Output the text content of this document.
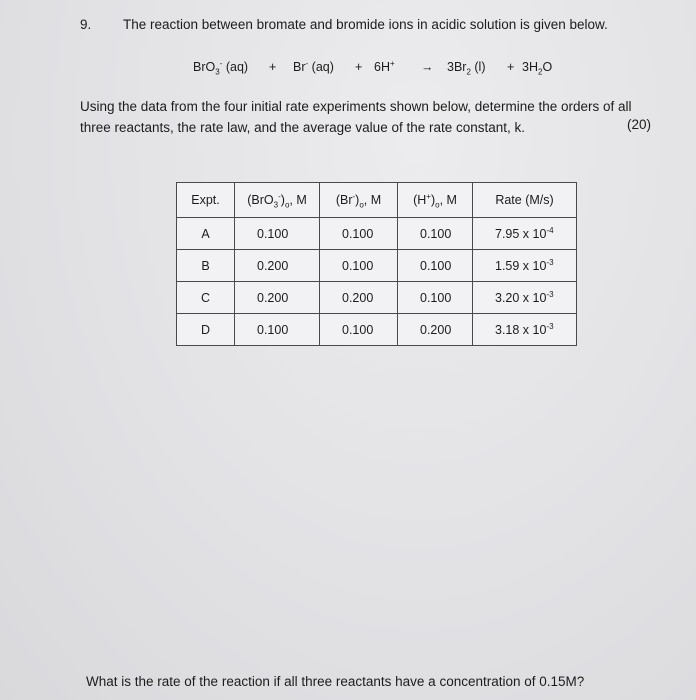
9. The reaction between bromate and bromide ions in acidic solution is given below.
BrO$_3$- (aq) + Br- $(aq) + 6H^+ \to 3Br_2$ $(l) + 3H_2O$
Using the data from the four initial rate experiments shown below, determine the orders of all
three reactants, the rate law, and the average value of the rate constant, k.	(20)
Expt.	$(BrO_3^-)_o$, M	$(Br^-)_o$, M	$(H^+)_o$, M	Rate (M/s)
A	0.100	0.100	0.100	7.95 x $10^{-4}$
B	0.200	0.100	0.100	1.59 x $10^{-3}$
C	0.200	0.200	0.100	3.20 x $10^{-3}$
D	0.100	0.100	0.200	3.18 x $10^{-3}$
What is the rate of the reaction if all three reactants have a concentration of 0.15M?
